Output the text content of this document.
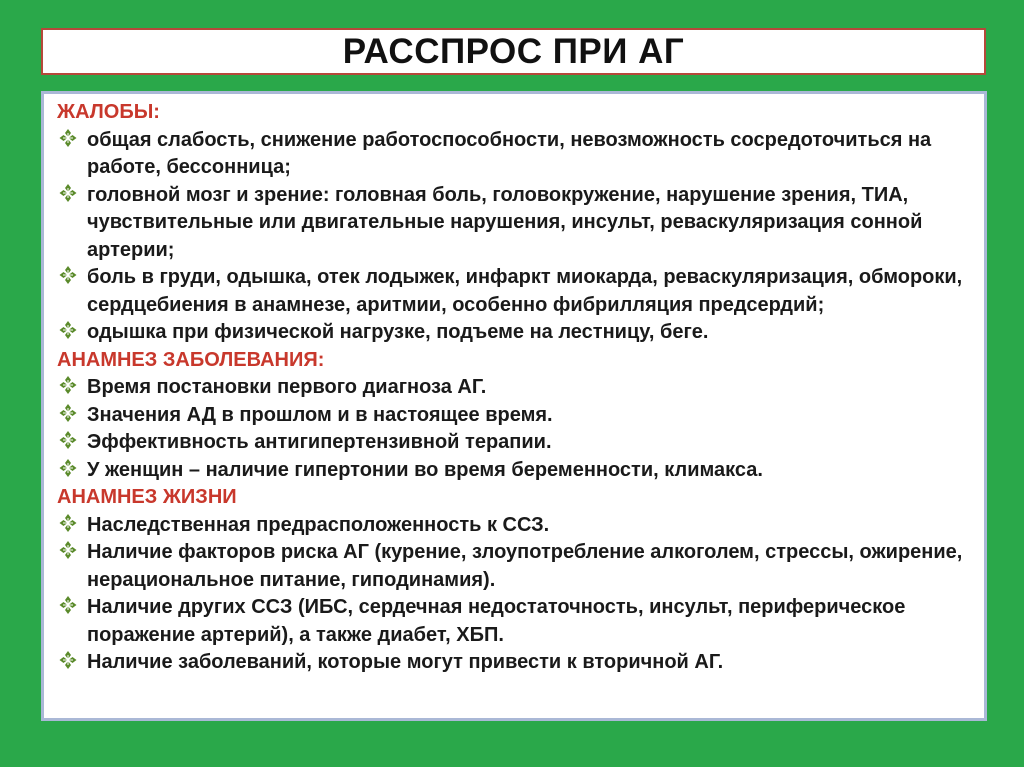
РАССПРОС ПРИ АГ

ЖАЛОБЫ:

общая слабость, снижение работоспособности, невозможность сосредоточиться на работе, бессонница;
головной мозг и зрение: головная боль, головокружение, нарушение зрения, ТИА, чувствительные или двигательные нарушения, инсульт, реваскуляризация сонной артерии;
боль в груди, одышка, отек лодыжек, инфаркт миокарда, реваскуляризация, обмороки, сердцебиения в анамнезе, аритмии, особенно фибрилляция предсердий;
одышка при физической нагрузке, подъеме на лестницу, беге.

АНАМНЕЗ ЗАБОЛЕВАНИЯ:

Время постановки первого диагноза АГ.
Значения АД в прошлом и в настоящее время.
Эффективность антигипертензивной терапии.
У женщин – наличие гипертонии во время беременности, климакса.

АНАМНЕЗ ЖИЗНИ

Наследственная предрасположенность к ССЗ.
Наличие факторов риска АГ (курение, злоупотребление алкоголем, стрессы, ожирение, нерациональное питание, гиподинамия).
Наличие других ССЗ (ИБС, сердечная недостаточность, инсульт, периферическое поражение артерий), а также диабет, ХБП.
Наличие заболеваний, которые могут привести к вторичной АГ.
